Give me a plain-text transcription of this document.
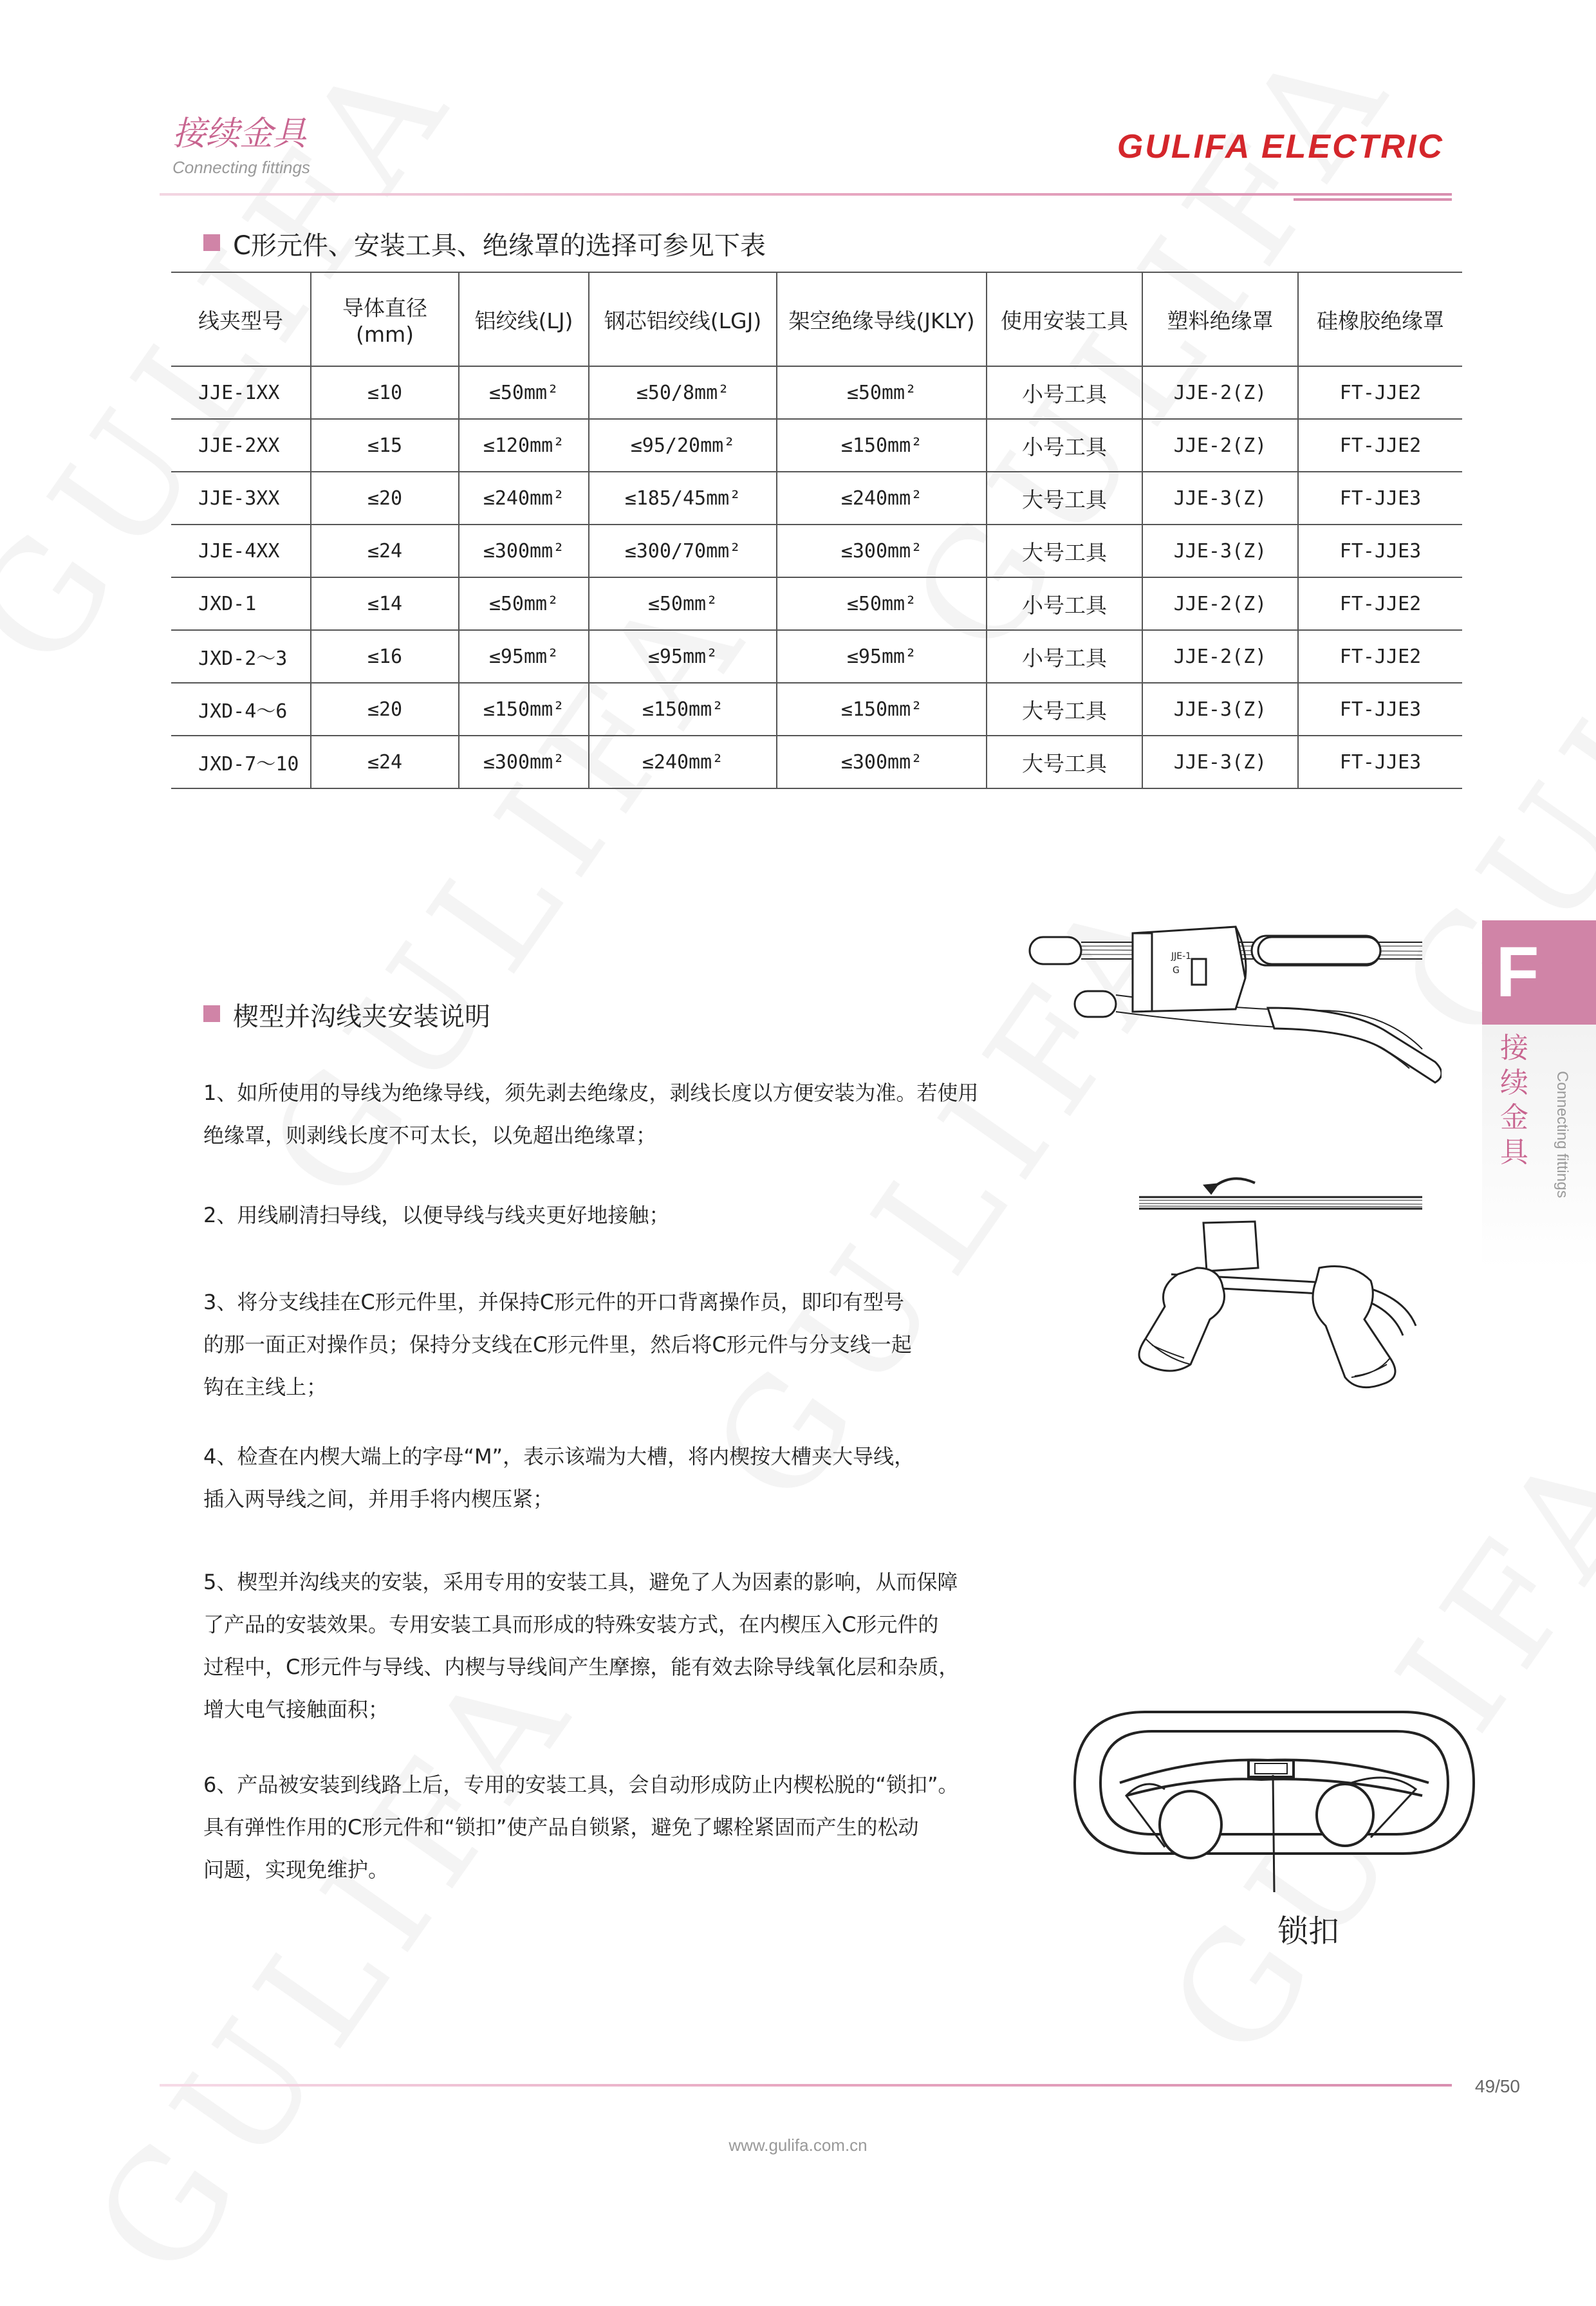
接续金具
Connecting fittings
GULIFA ELECTRIC
C形元件、安装工具、绝缘罩的选择可参见下表
线夹型号	导体直径(mm)	铝绞线(LJ)	钢芯铝绞线(LGJ)	架空绝缘导线(JKLY)	使用安装工具	塑料绝缘罩	硅橡胶绝缘罩
JJE-1XX	≤10	≤50mm²	≤50/8mm²	≤50mm²	小号工具	JJE-2(Z)	FT-JJE2
JJE-2XX	≤15	≤120mm²	≤95/20mm²	≤150mm²	小号工具	JJE-2(Z)	FT-JJE2
JJE-3XX	≤20	≤240mm²	≤185/45mm²	≤240mm²	大号工具	JJE-3(Z)	FT-JJE3
JJE-4XX	≤24	≤300mm²	≤300/70mm²	≤300mm²	大号工具	JJE-3(Z)	FT-JJE3
JXD-1	≤14	≤50mm²	≤50mm²	≤50mm²	小号工具	JJE-2(Z)	FT-JJE2
JXD-2～3	≤16	≤95mm²	≤95mm²	≤95mm²	小号工具	JJE-2(Z)	FT-JJE2
JXD-4～6	≤20	≤150mm²	≤150mm²	≤150mm²	大号工具	JJE-3(Z)	FT-JJE3
JXD-7～10	≤24	≤300mm²	≤240mm²	≤300mm²	大号工具	JJE-3(Z)	FT-JJE3
楔型并沟线夹安装说明
1、如所使用的导线为绝缘导线，须先剥去绝缘皮，剥线长度以方便安装为准。若使用
绝缘罩，则剥线长度不可太长，以免超出绝缘罩；
2、用线刷清扫导线，以便导线与线夹更好地接触；
3、将分支线挂在C形元件里，并保持C形元件的开口背离操作员，即印有型号
的那一面正对操作员；保持分支线在C形元件里，然后将C形元件与分支线一起
钩在主线上；
4、检查在内楔大端上的字母“M”，表示该端为大槽，将内楔按大槽夹大导线，
插入两导线之间，并用手将内楔压紧；
5、楔型并沟线夹的安装，采用专用的安装工具，避免了人为因素的影响，从而保障
了产品的安装效果。专用安装工具而形成的特殊安装方式，在内楔压入C形元件的
过程中，C形元件与导线、内楔与导线间产生摩擦，能有效去除导线氧化层和杂质，
增大电气接触面积；
6、产品被安装到线路上后，专用的安装工具，会自动形成防止内楔松脱的“锁扣”。
具有弹性作用的C形元件和“锁扣”使产品自锁紧，避免了螺栓紧固而产生的松动
问题，实现免维护。
JJE-1
G
锁扣
F
接续金具 Connecting fittings
49/50
www.gulifa.com.cn
